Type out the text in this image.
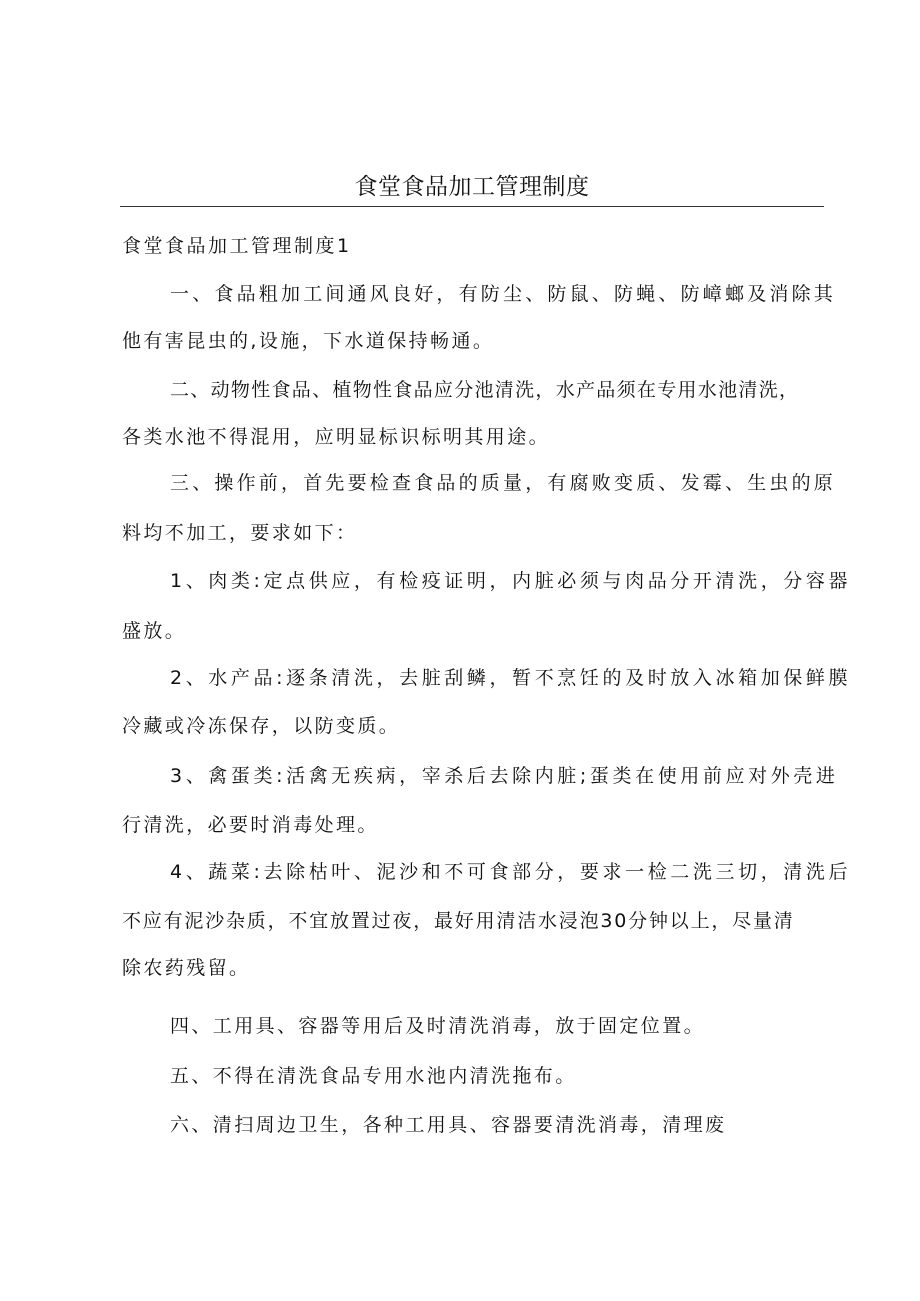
食堂食品加工管理制度
食堂食品加工管理制度1
一、食品粗加工间通风良好，有防尘、防鼠、防蝇、防嶂螂及消除其
他有害昆虫的,设施，下水道保持畅通。
二、动物性食品、植物性食品应分池清洗，水产品须在专用水池清洗，
各类水池不得混用，应明显标识标明其用途。
三、操作前，首先要检查食品的质量，有腐败变质、发霉、生虫的原
料均不加工，要求如下：
1、肉类:定点供应，有检疫证明，内脏必须与肉品分开清洗，分容器
盛放。
2、水产品:逐条清洗，去脏刮鳞，暂不烹饪的及时放入冰箱加保鲜膜
冷藏或冷冻保存，以防变质。
3、禽蛋类:活禽无疾病，宰杀后去除内脏;蛋类在使用前应对外壳进
行清洗，必要时消毒处理。
4、蔬菜:去除枯叶、泥沙和不可食部分，要求一检二洗三切，清洗后
不应有泥沙杂质，不宜放置过夜，最好用清洁水浸泡30分钟以上，尽量清
除农药残留。
四、工用具、容器等用后及时清洗消毒，放于固定位置。
五、不得在清洗食品专用水池内清洗拖布。
六、清扫周边卫生，各种工用具、容器要清洗消毒，清理废
